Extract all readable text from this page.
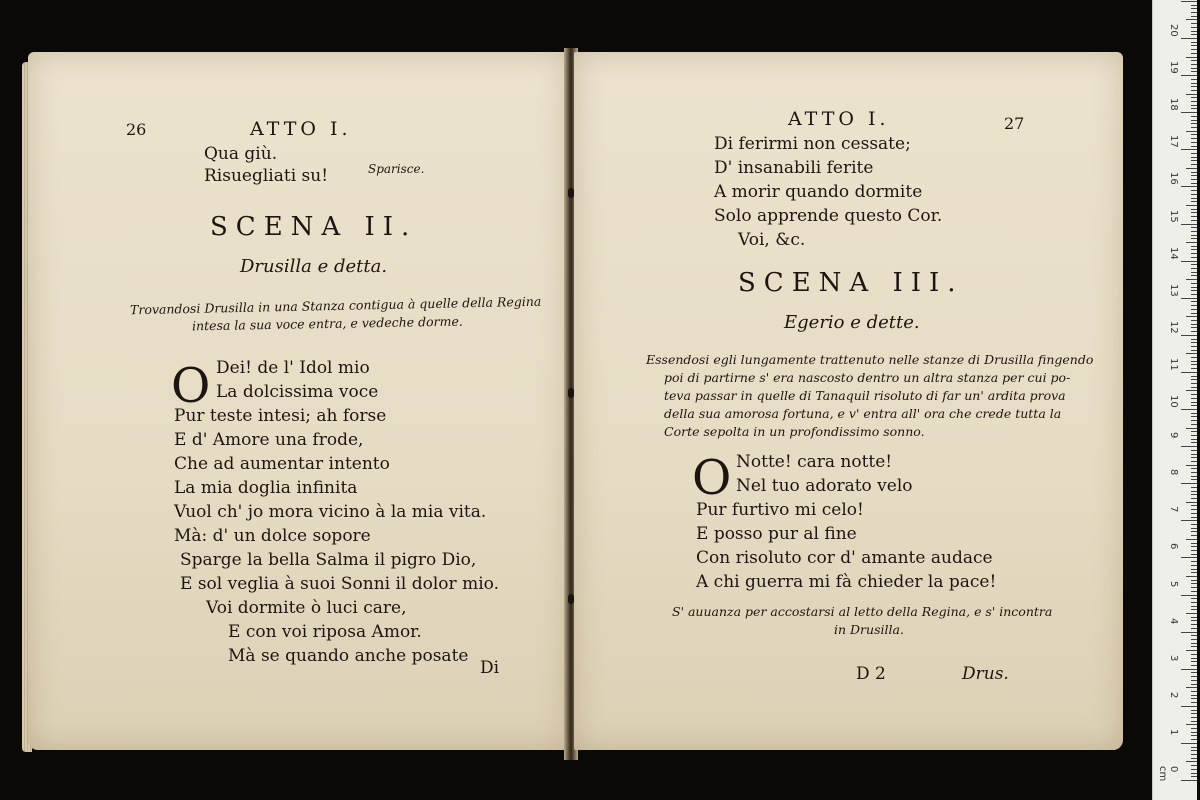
26	ATTO I.
Qua giù.
Risuegliati su!	Sparisce.
SCENA II.
Drusilla e detta.
Trovandosi Drusilla in una Stanza contigua à quelle della Regina
intesa la sua voce entra, e vedeche dorme.
O Dei! de l' Idol mio
La dolcissima voce
Pur teste intesi; ah forse
E d' Amore una frode,
Che ad aumentar intento
La mia doglia infinita
Vuol ch' jo mora vicino à la mia vita.
Mà: d' un dolce sopore
Sparge la bella Salma il pigro Dio,
E sol veglia à suoi Sonni il dolor mio.
Voi dormite ò luci care,
E con voi riposa Amor.
Mà se quando anche posate
Di
ATTO I.	27
Di ferirmi non cessate;
D' insanabili ferite
A morir quando dormite
Solo apprende questo Cor.
Voi, &c.
SCENA III.
Egerio e dette.
Essendosi egli lungamente trattenuto nelle stanze di Drusilla fingendo
poi di partirne s' era nascosto dentro un altra stanza per cui po-
teva passar in quelle di Tanaquil risoluto di far un' ardita prova
della sua amorosa fortuna, e v' entra all' ora che crede tutta la
Corte sepolta in un profondissimo sonno.
O Notte! cara notte!
Nel tuo adorato velo
Pur furtivo mi celo!
E posso pur al fine
Con risoluto cor d' amante audace
A chi guerra mi fà chieder la pace!
S' auuanza per accostarsi al letto della Regina, e s' incontra
in Drusilla.
D 2	Drus.
0 cm
1
2
3
4
5
6
7
8
9
10
11
12
13
14
15
16
17
18
19
20
